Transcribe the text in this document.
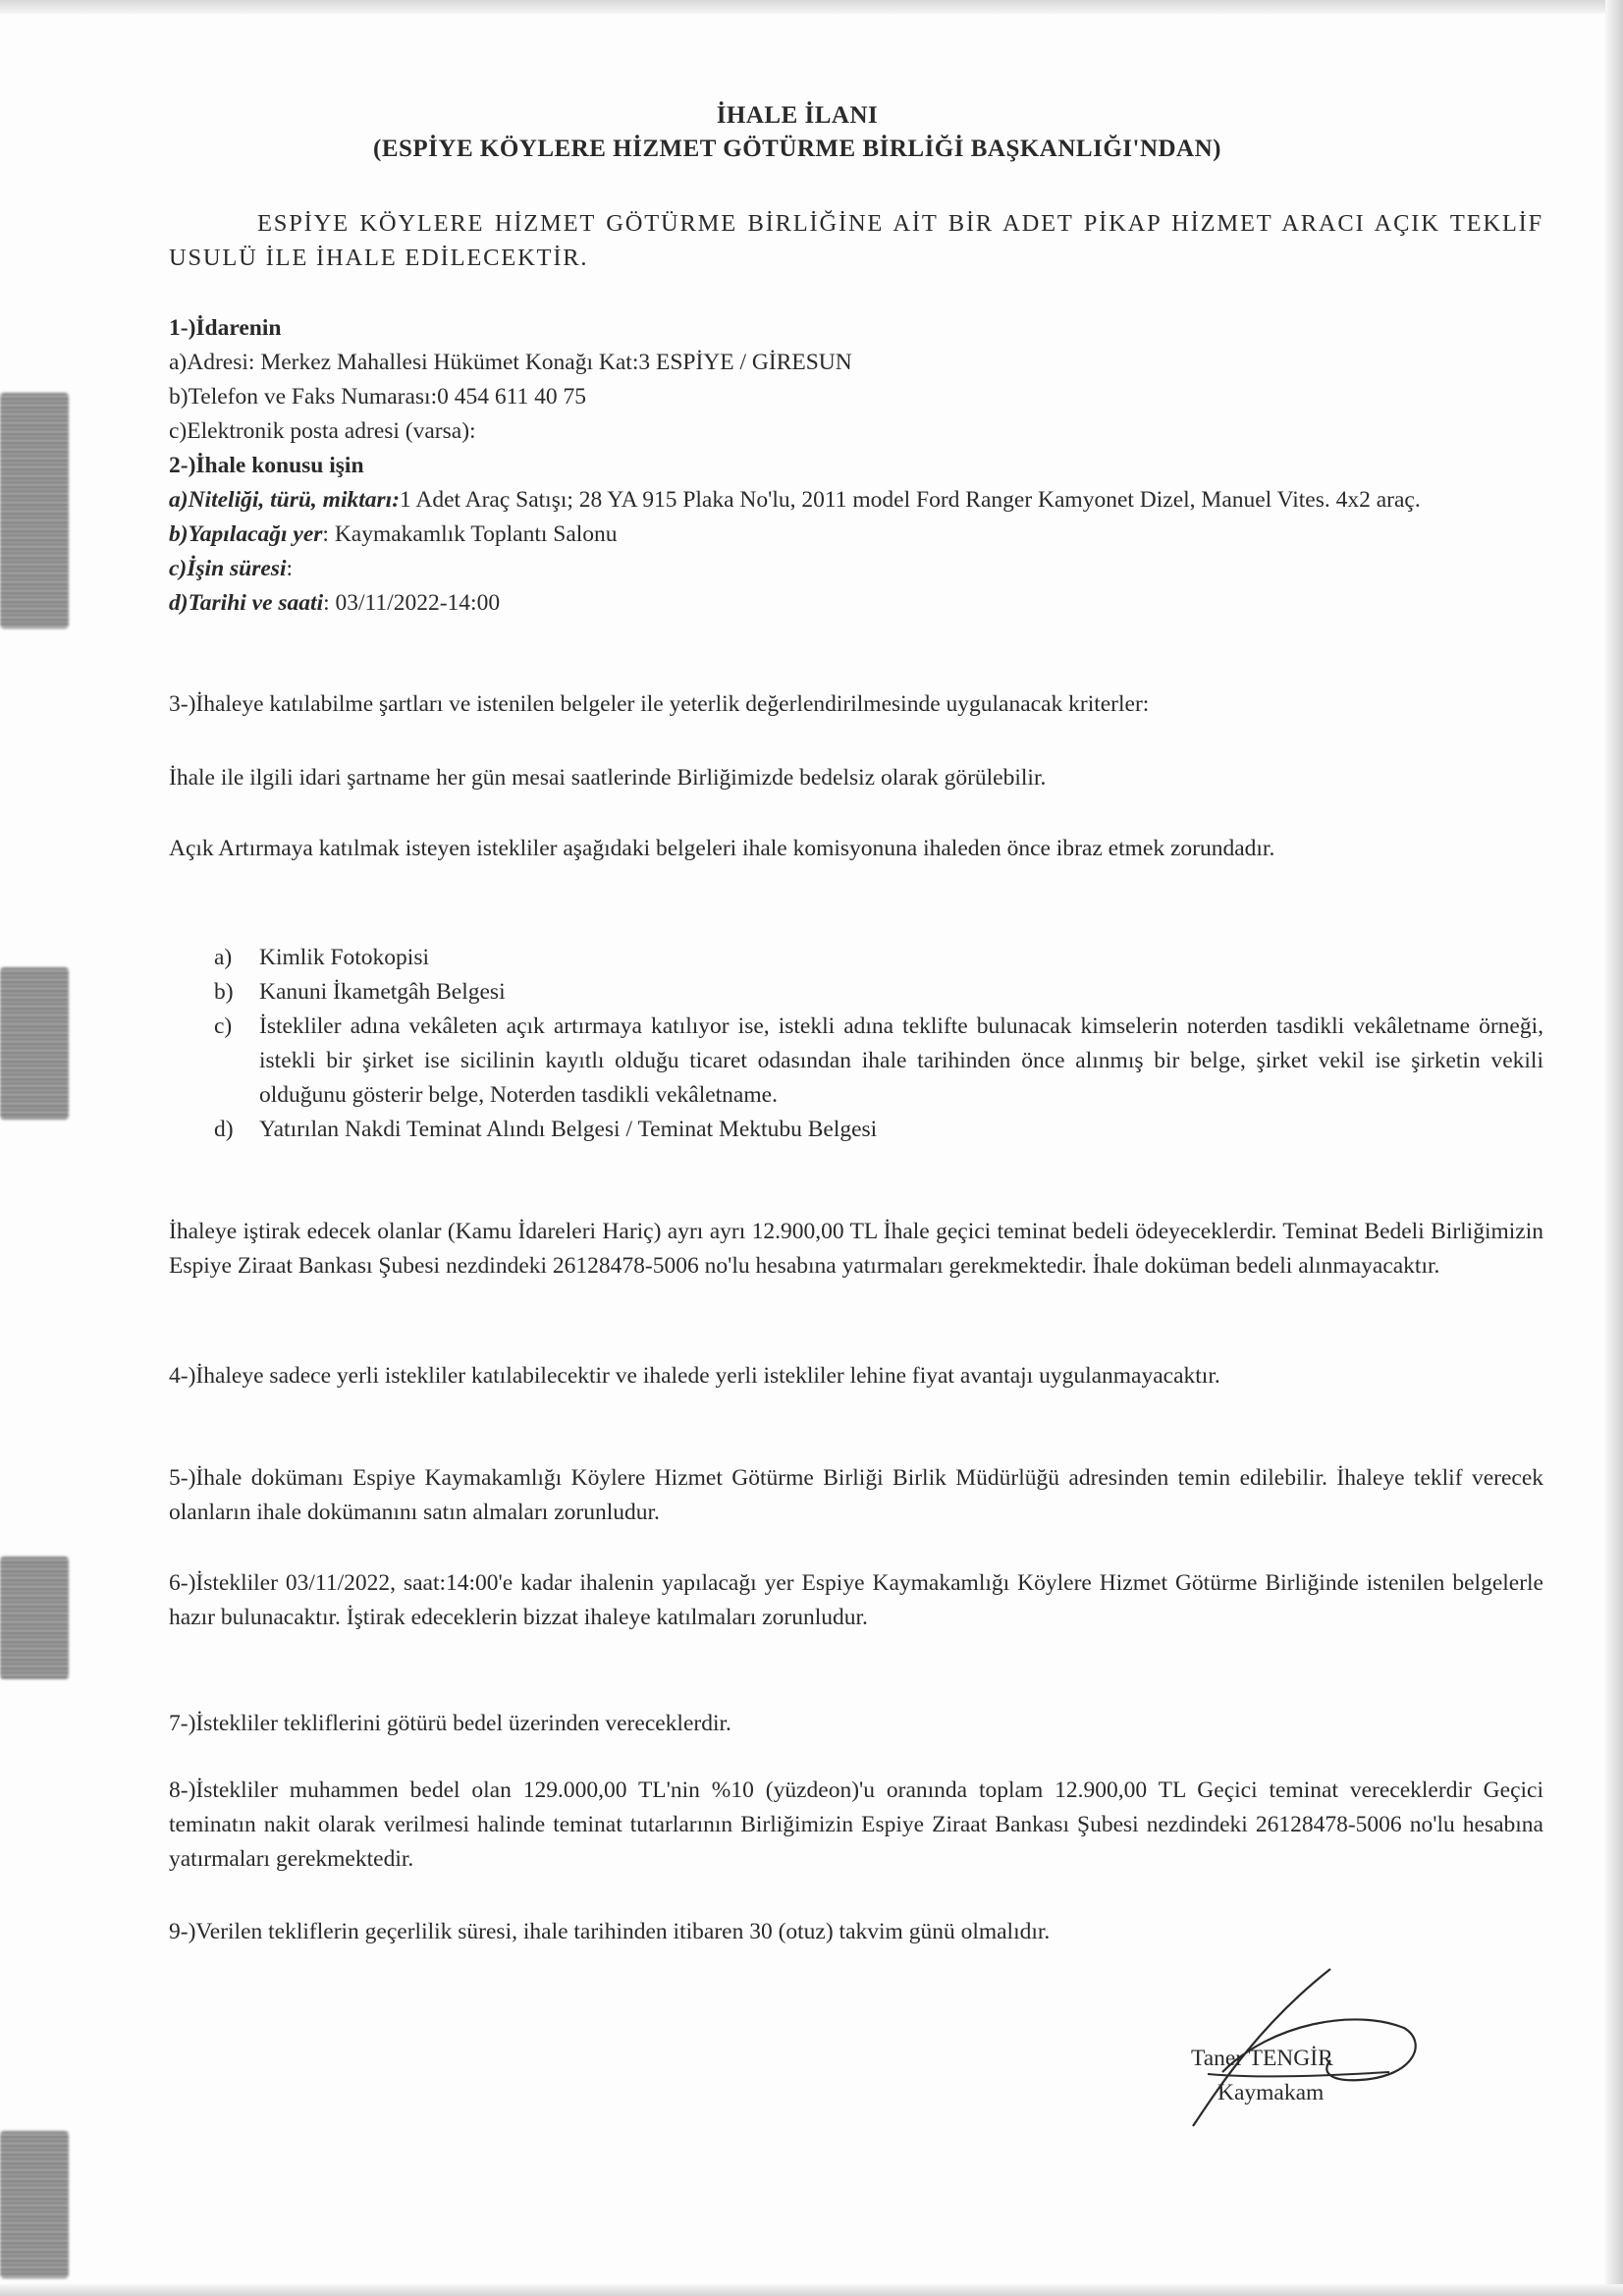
İHALE İLANI
(ESPİYE KÖYLERE HİZMET GÖTÜRME BİRLİĞİ BAŞKANLIĞI'NDAN)
ESPİYE KÖYLERE HİZMET GÖTÜRME BİRLİĞİNE AİT BİR ADET PİKAP HİZMET ARACI AÇIK TEKLİF USULÜ İLE İHALE EDİLECEKTİR.
1-)İdarenin
a)Adresi: Merkez Mahallesi Hükümet Konağı Kat:3 ESPİYE / GİRESUN
b)Telefon ve Faks Numarası:0 454 611 40 75
c)Elektronik posta adresi (varsa):
2-)İhale konusu işin
a)Niteliği, türü, miktarı:1 Adet Araç Satışı; 28 YA 915 Plaka No'lu, 2011 model Ford Ranger Kamyonet Dizel, Manuel Vites. 4x2 araç.
b)Yapılacağı yer: Kaymakamlık Toplantı Salonu
c)İşin süresi:
d)Tarihi ve saati: 03/11/2022-14:00
3-)İhaleye katılabilme şartları ve istenilen belgeler ile yeterlik değerlendirilmesinde uygulanacak kriterler:
İhale ile ilgili idari şartname her gün mesai saatlerinde Birliğimizde bedelsiz olarak görülebilir.
Açık Artırmaya katılmak isteyen istekliler aşağıdaki belgeleri ihale komisyonuna ihaleden önce ibraz etmek zorundadır.
a)	Kimlik Fotokopisi
b)	Kanuni İkametgâh Belgesi
c)	İstekliler adına vekâleten açık artırmaya katılıyor ise, istekli adına teklifte bulunacak kimselerin noterden tasdikli vekâletname örneği, istekli bir şirket ise sicilinin kayıtlı olduğu ticaret odasından ihale tarihinden önce alınmış bir belge, şirket vekil ise şirketin vekili olduğunu gösterir belge, Noterden tasdikli vekâletname.
d)	Yatırılan Nakdi Teminat Alındı Belgesi / Teminat Mektubu Belgesi
İhaleye iştirak edecek olanlar (Kamu İdareleri Hariç) ayrı ayrı 12.900,00 TL İhale geçici teminat bedeli ödeyeceklerdir. Teminat Bedeli Birliğimizin Espiye Ziraat Bankası Şubesi nezdindeki 26128478-5006 no'lu hesabına yatırmaları gerekmektedir. İhale doküman bedeli alınmayacaktır.
4-)İhaleye sadece yerli istekliler katılabilecektir ve ihalede yerli istekliler lehine fiyat avantajı uygulanmayacaktır.
5-)İhale dokümanı Espiye Kaymakamlığı Köylere Hizmet Götürme Birliği Birlik Müdürlüğü adresinden temin edilebilir. İhaleye teklif verecek olanların ihale dokümanını satın almaları zorunludur.
6-)İstekliler 03/11/2022, saat:14:00'e kadar ihalenin yapılacağı yer Espiye Kaymakamlığı Köylere Hizmet Götürme Birliğinde istenilen belgelerle hazır bulunacaktır. İştirak edeceklerin bizzat ihaleye katılmaları zorunludur.
7-)İstekliler tekliflerini götürü bedel üzerinden vereceklerdir.
8-)İstekliler muhammen bedel olan 129.000,00 TL'nin %10 (yüzdeon)'u oranında toplam 12.900,00 TL Geçici teminat vereceklerdir Geçici teminatın nakit olarak verilmesi halinde teminat tutarlarının Birliğimizin Espiye Ziraat Bankası Şubesi nezdindeki 26128478-5006 no'lu hesabına yatırmaları gerekmektedir.
9-)Verilen tekliflerin geçerlilik süresi, ihale tarihinden itibaren 30 (otuz) takvim günü olmalıdır.
Taner TENGİR
Kaymakam
